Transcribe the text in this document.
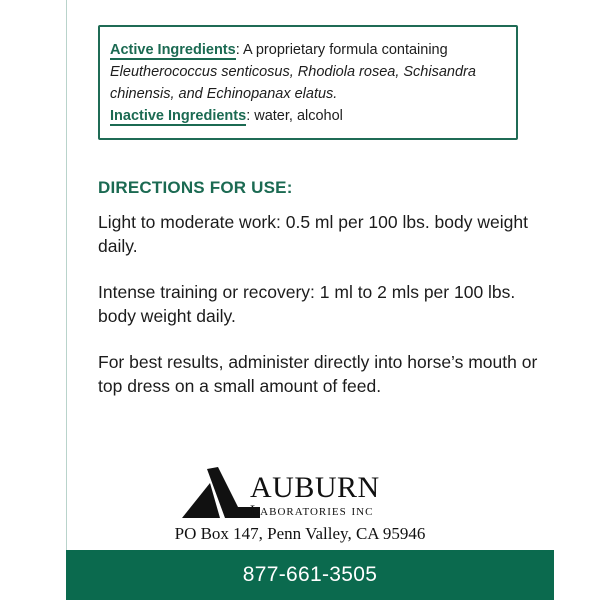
Active Ingredients: A proprietary formula containing
Eleutherococcus senticosus, Rhodiola rosea, Schisandra chinensis, and Echinopanax elatus.
Inactive Ingredients: water, alcohol
DIRECTIONS FOR USE:

Light to moderate work: 0.5 ml per 100 lbs. body weight daily.

Intense training or recovery: 1 ml to 2 mls per 100 lbs. body weight daily.

For best results, administer directly into horse’s mouth or top dress on a small amount of feed.

AUBURN
Laboratories inc
PO Box 147, Penn Valley, CA 95946
877-661-3505
